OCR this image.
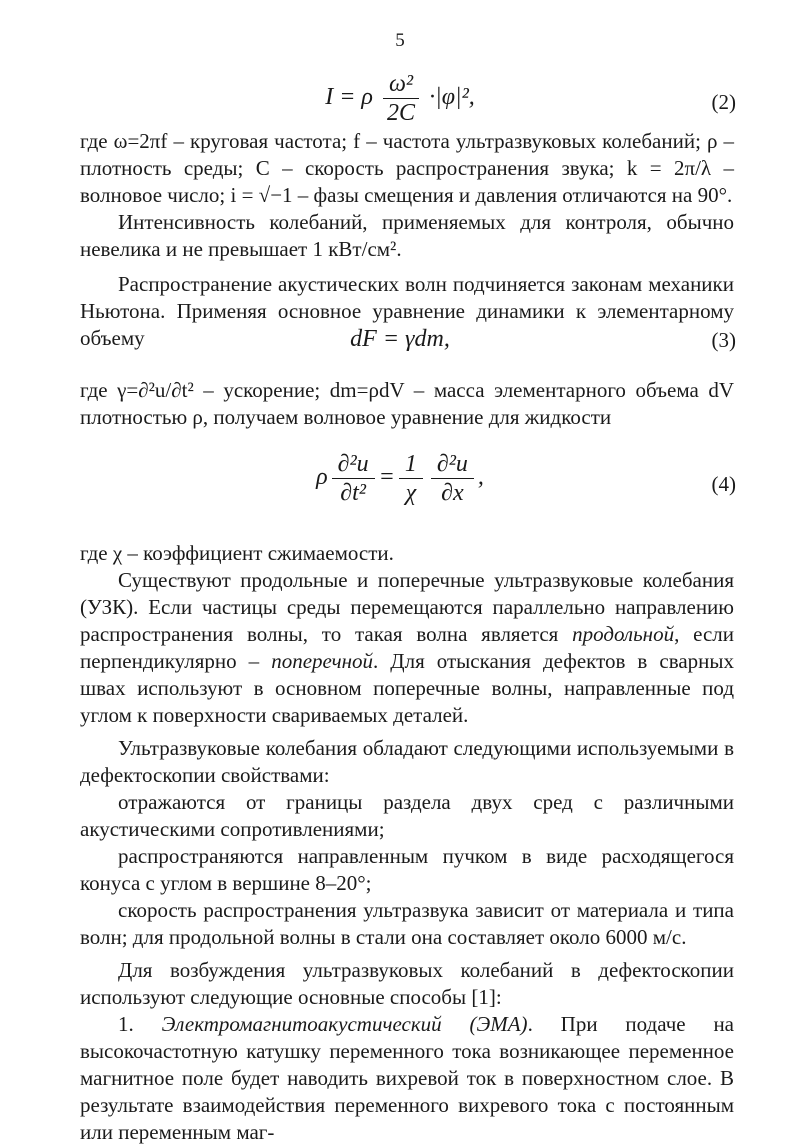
5
I = ρ $\frac{\text{ω²}}{2C} \cdot|\varphi|^2$,	(2)

где ω=2πf – круговая частота; f – частота ультразвуковых колебаний; ρ – плотность среды; C – скорость распространения звука; k = 2π/λ – волновое число; i = √−1 – фазы смещения и давления отличаются на 90°.

Интенсивность колебаний, применяемых для контроля, обычно невелика и не превышает 1 кВт/см².

Распространение акустических волн подчиняется законам механики Ньютона. Применяя основное уравнение динамики к элементарному объему	dF = γdm,	(3)

где γ=∂²u/∂t² – ускорение; dm=ρdV – масса элементарного объема dV плотностью ρ, получаем волновое уравнение для жидкости

ρ $\frac{\text{∂²u}}{\text{∂t²}} = \frac{1}{\chi} \frac{\text{∂²u}}{\partial x}$ ,	(4)

где χ – коэффициент сжимаемости.

Существуют продольные и поперечные ультразвуковые колебания (УЗК). Если частицы среды перемещаются параллельно направлению распространения волны, то такая волна является продольной, если перпендикулярно – поперечной. Для отыскания дефектов в сварных швах используют в основном поперечные волны, направленные под углом к поверхности свариваемых деталей.

Ультразвуковые колебания обладают следующими используемыми в дефектоскопии свойствами:

отражаются от границы раздела двух сред с различными акустическими сопротивлениями;

распространяются направленным пучком в виде расходящегося конуса с углом в вершине 8–20°;

скорость распространения ультразвука зависит от материала и типа волн; для продольной волны в стали она составляет около 6000 м/с.

Для возбуждения ультразвуковых колебаний в дефектоскопии используют следующие основные способы [1]:

1. Электромагнитоакустический (ЭМА). При подаче на высокочастотную катушку переменного тока возникающее переменное магнитное поле будет наводить вихревой ток в поверхностном слое. В результате взаимодействия переменного вихревого тока с постоянным или переменным маг-
